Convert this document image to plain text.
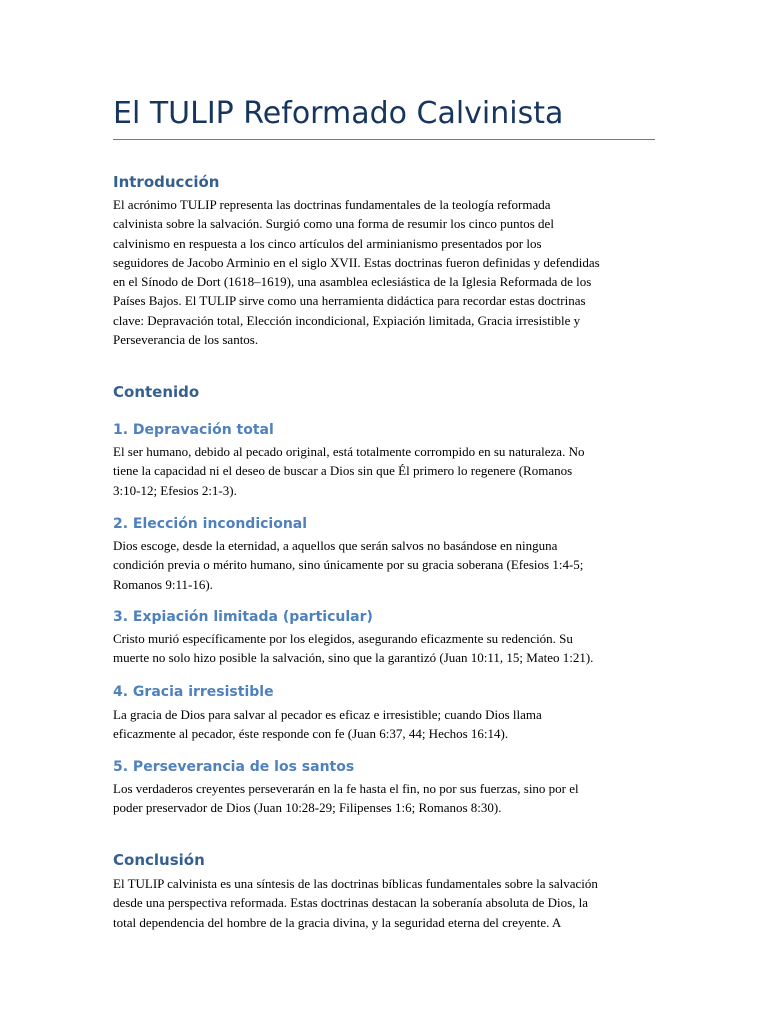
El TULIP Reformado Calvinista
Introducción

El acrónimo TULIP representa las doctrinas fundamentales de la teología reformada
calvinista sobre la salvación. Surgió como una forma de resumir los cinco puntos del
calvinismo en respuesta a los cinco artículos del arminianismo presentados por los
seguidores de Jacobo Arminio en el siglo XVII. Estas doctrinas fueron definidas y defendidas
en el Sínodo de Dort (1618–1619), una asamblea eclesiástica de la Iglesia Reformada de los
Países Bajos. El TULIP sirve como una herramienta didáctica para recordar estas doctrinas
clave: Depravación total, Elección incondicional, Expiación limitada, Gracia irresistible y
Perseverancia de los santos.

Contenido
1. Depravación total

El ser humano, debido al pecado original, está totalmente corrompido en su naturaleza. No
tiene la capacidad ni el deseo de buscar a Dios sin que Él primero lo regenere (Romanos
3:10-12; Efesios 2:1-3).

2. Elección incondicional

Dios escoge, desde la eternidad, a aquellos que serán salvos no basándose en ninguna
condición previa o mérito humano, sino únicamente por su gracia soberana (Efesios 1:4-5;
Romanos 9:11-16).

3. Expiación limitada (particular)

Cristo murió específicamente por los elegidos, asegurando eficazmente su redención. Su
muerte no solo hizo posible la salvación, sino que la garantizó (Juan 10:11, 15; Mateo 1:21).

4. Gracia irresistible

La gracia de Dios para salvar al pecador es eficaz e irresistible; cuando Dios llama
eficazmente al pecador, éste responde con fe (Juan 6:37, 44; Hechos 16:14).

5. Perseverancia de los santos

Los verdaderos creyentes perseverarán en la fe hasta el fin, no por sus fuerzas, sino por el
poder preservador de Dios (Juan 10:28-29; Filipenses 1:6; Romanos 8:30).

Conclusión

El TULIP calvinista es una síntesis de las doctrinas bíblicas fundamentales sobre la salvación
desde una perspectiva reformada. Estas doctrinas destacan la soberanía absoluta de Dios, la
total dependencia del hombre de la gracia divina, y la seguridad eterna del creyente. A
